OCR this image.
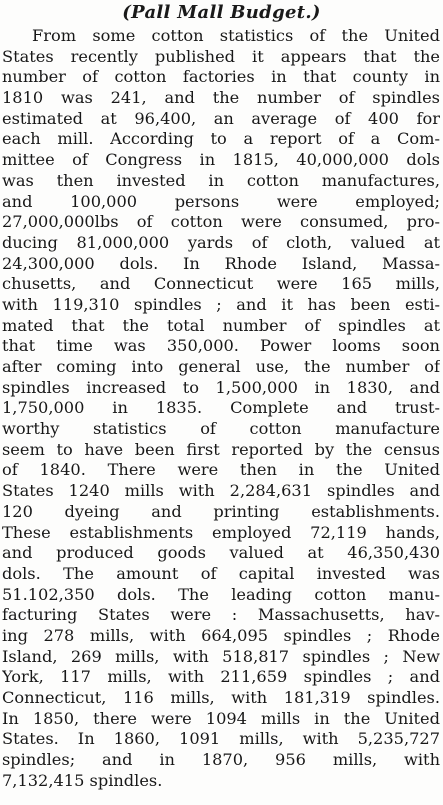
(Pall Mall Budget.)
From some cotton statistics of the United
States recently published it appears that the
number of cotton factories in that county in
1810 was 241, and the number of spindles
estimated at 96,400, an average of 400 for
each mill. According to a report of a Com-
mittee of Congress in 1815, 40,000,000 dols
was then invested in cotton manufactures,
and 100,000 persons were employed;
27,000,000lbs of cotton were consumed, pro-
ducing 81,000,000 yards of cloth, valued at
24,300,000 dols. In Rhode Island, Massa-
chusetts, and Connecticut were 165 mills,
with 119,310 spindles ; and it has been esti-
mated that the total number of spindles at
that time was 350,000. Power looms soon
after coming into general use, the number of
spindles increased to 1,500,000 in 1830, and
1,750,000 in 1835. Complete and trust-
worthy statistics of cotton manufacture
seem to have been first reported by the census
of 1840. There were then in the United
States 1240 mills with 2,284,631 spindles and
120 dyeing and printing establishments.
These establishments employed 72,119 hands,
and produced goods valued at 46,350,430
dols. The amount of capital invested was
51.102,350 dols. The leading cotton manu-
facturing States were : Massachusetts, hav-
ing 278 mills, with 664,095 spindles ; Rhode
Island, 269 mills, with 518,817 spindles ; New
York, 117 mills, with 211,659 spindles ; and
Connecticut, 116 mills, with 181,319 spindles.
In 1850, there were 1094 mills in the United
States. In 1860, 1091 mills, with 5,235,727
spindles; and in 1870, 956 mills, with
7,132,415 spindles.
